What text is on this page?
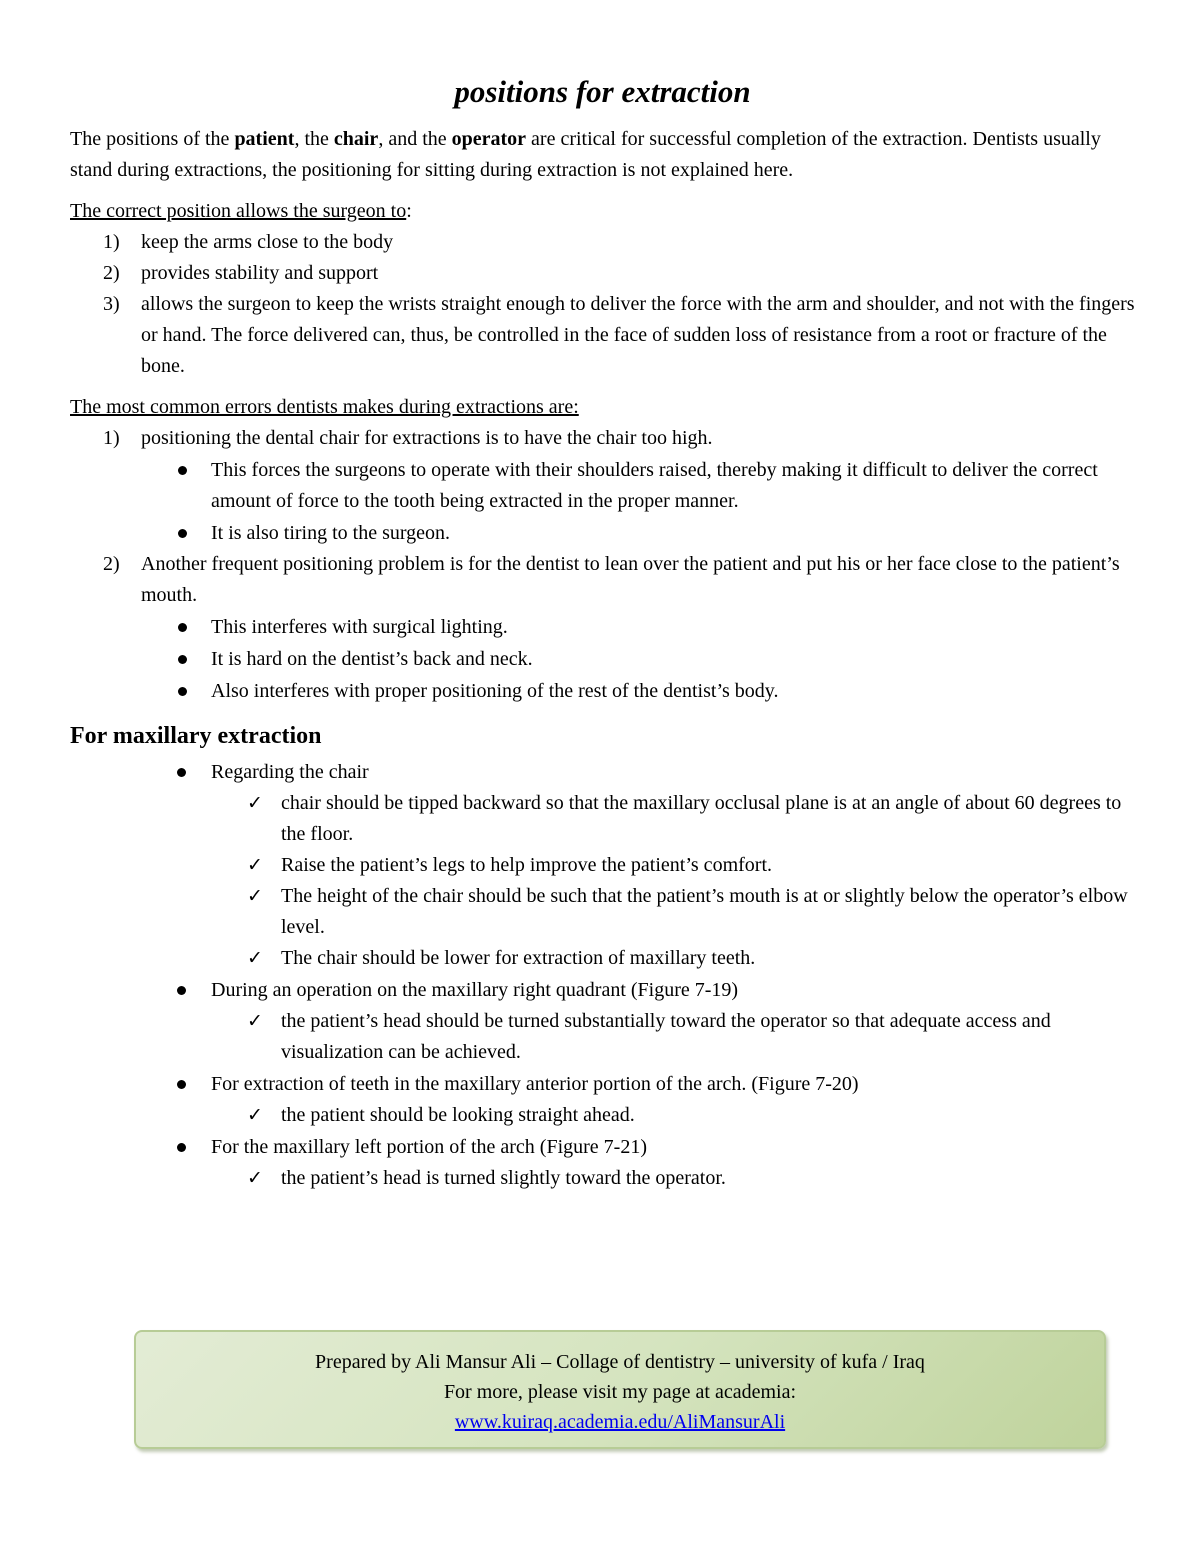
positions for extraction

The positions of the patient, the chair, and the operator are critical for successful completion of the extraction. Dentists usually stand during extractions, the positioning for sitting during extraction is not explained here.

The correct position allows the surgeon to:

1) keep the arms close to the body
2) provides stability and support
3) allows the surgeon to keep the wrists straight enough to deliver the force with the arm and shoulder, and not with the fingers or hand. The force delivered can, thus, be controlled in the face of sudden loss of resistance from a root or fracture of the bone.

The most common errors dentists makes during extractions are:

1) positioning the dental chair for extractions is to have the chair too high.
This forces the surgeons to operate with their shoulders raised, thereby making it difficult to deliver the correct amount of force to the tooth being extracted in the proper manner.
It is also tiring to the surgeon.
2) Another frequent positioning problem is for the dentist to lean over the patient and put his or her face close to the patient’s mouth.
This interferes with surgical lighting.
It is hard on the dentist’s back and neck.
Also interferes with proper positioning of the rest of the dentist’s body.
For maxillary extraction
Regarding the chair
✓ chair should be tipped backward so that the maxillary occlusal plane is at an angle of about 60 degrees to the floor.
✓ Raise the patient’s legs to help improve the patient’s comfort.
✓ The height of the chair should be such that the patient’s mouth is at or slightly below the operator’s elbow level.
✓ The chair should be lower for extraction of maxillary teeth.
During an operation on the maxillary right quadrant (Figure 7-19)
✓ the patient’s head should be turned substantially toward the operator so that adequate access and visualization can be achieved.
For extraction of teeth in the maxillary anterior portion of the arch. (Figure 7-20)
✓ the patient should be looking straight ahead.
For the maxillary left portion of the arch (Figure 7-21)
✓ the patient’s head is turned slightly toward the operator.
Prepared by Ali Mansur Ali – Collage of dentistry – university of kufa / Iraq
For more, please visit my page at academia:
www.kuiraq.academia.edu/AliMansurAli
